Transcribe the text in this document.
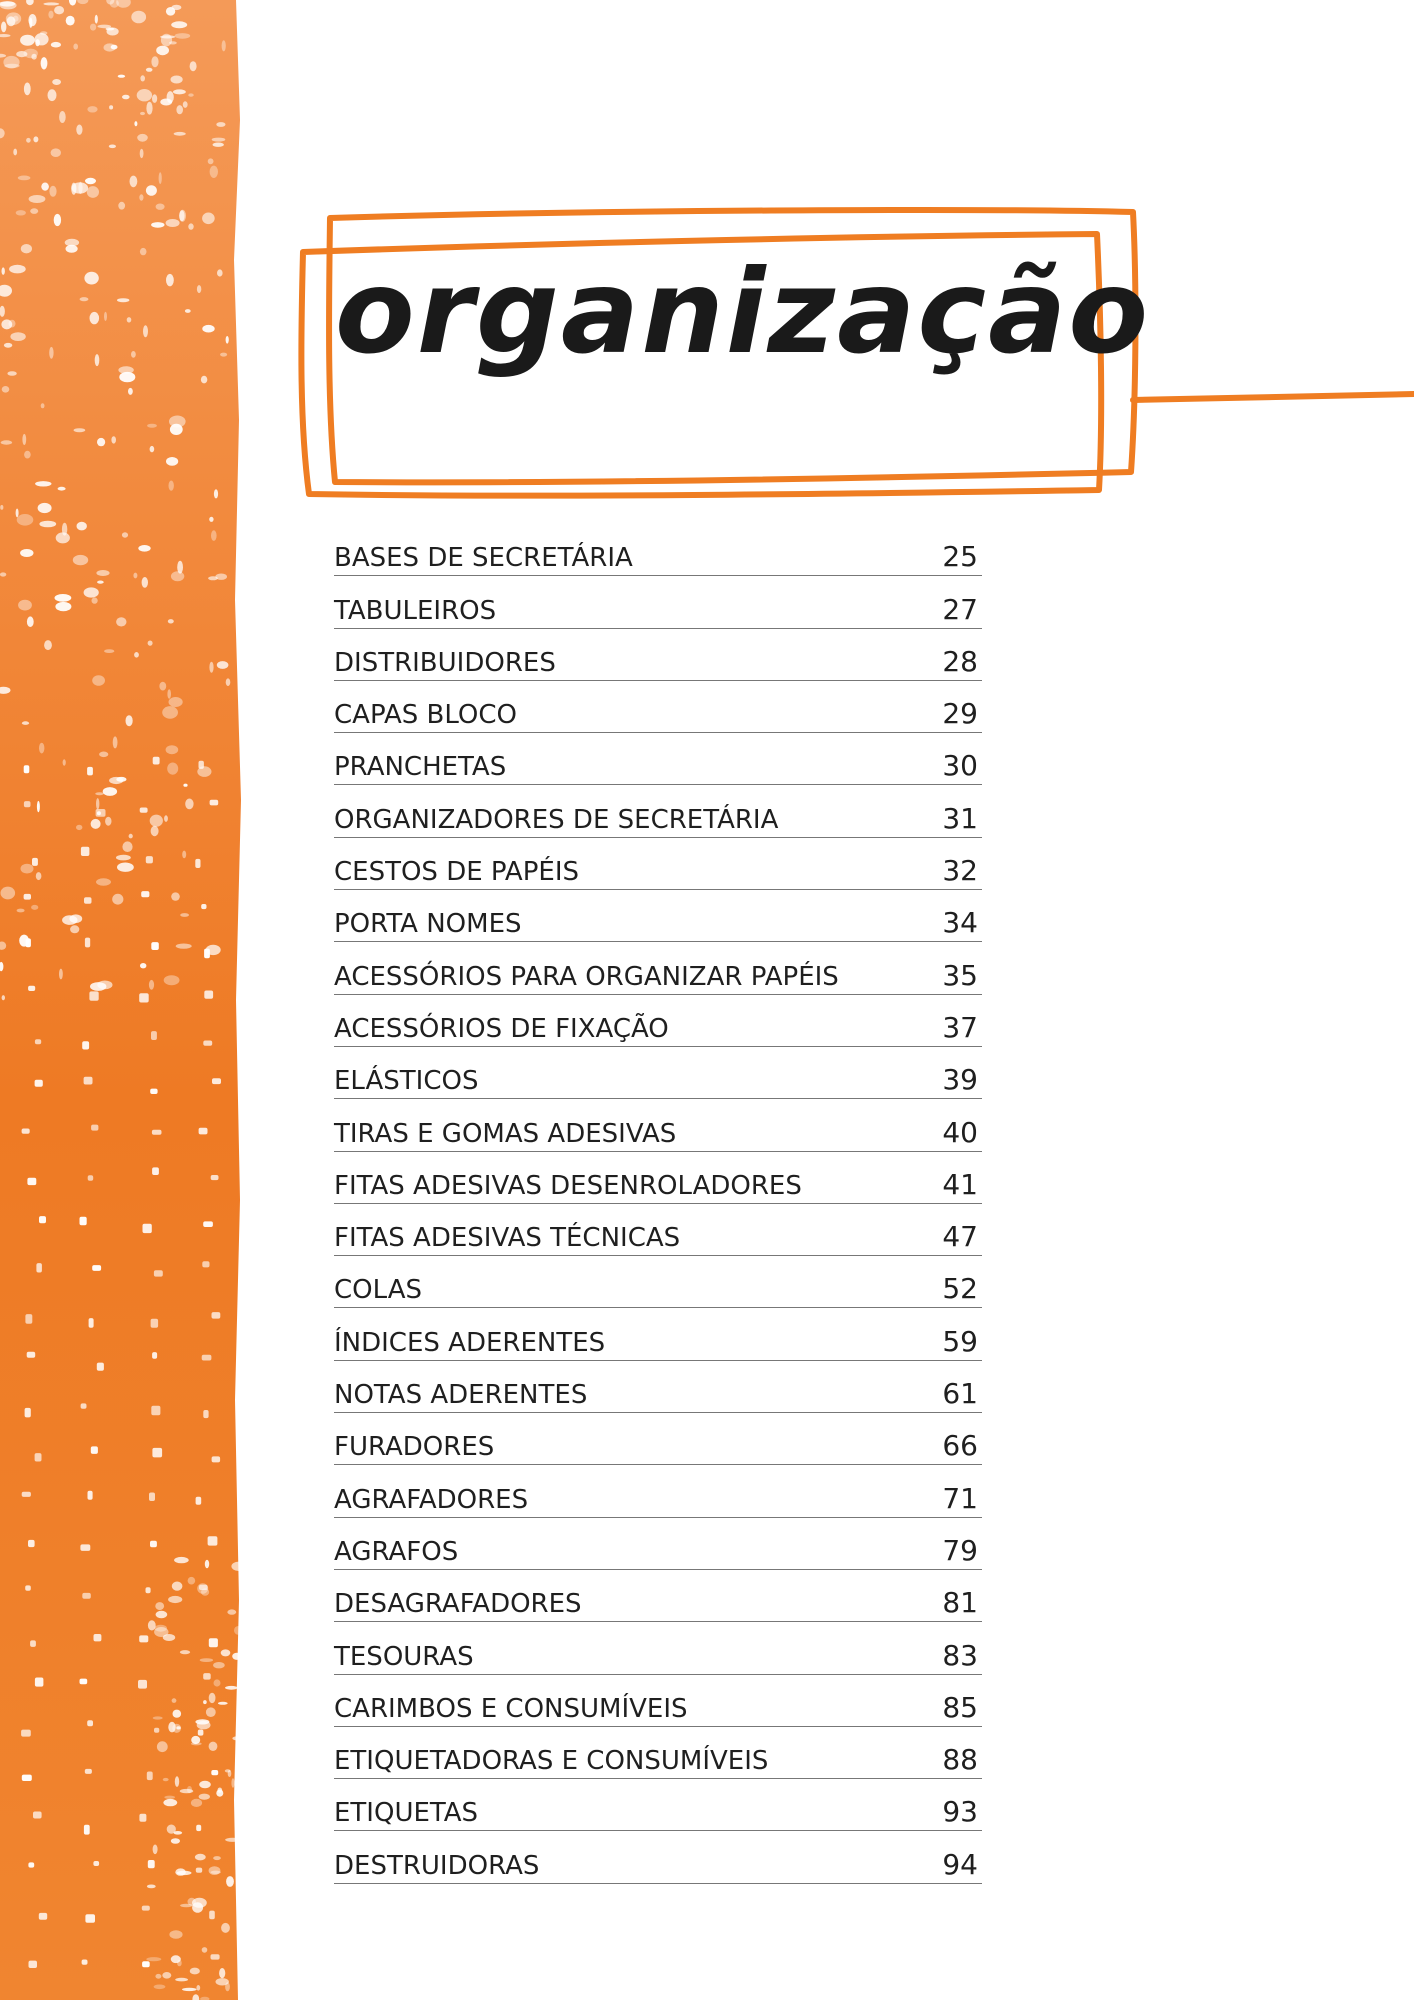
organização
BASES DE SECRETÁRIA	25
TABULEIROS	27
DISTRIBUIDORES	28
CAPAS BLOCO	29
PRANCHETAS	30
ORGANIZADORES DE SECRETÁRIA	31
CESTOS DE PAPÉIS	32
PORTA NOMES	34
ACESSÓRIOS PARA ORGANIZAR PAPÉIS	35
ACESSÓRIOS DE FIXAÇÃO	37
ELÁSTICOS	39
TIRAS E GOMAS ADESIVAS	40
FITAS ADESIVAS DESENROLADORES	41
FITAS ADESIVAS TÉCNICAS	47
COLAS	52
ÍNDICES ADERENTES	59
NOTAS ADERENTES	61
FURADORES	66
AGRAFADORES	71
AGRAFOS	79
DESAGRAFADORES	81
TESOURAS	83
CARIMBOS E CONSUMÍVEIS	85
ETIQUETADORAS E CONSUMÍVEIS	88
ETIQUETAS	93
DESTRUIDORAS	94
